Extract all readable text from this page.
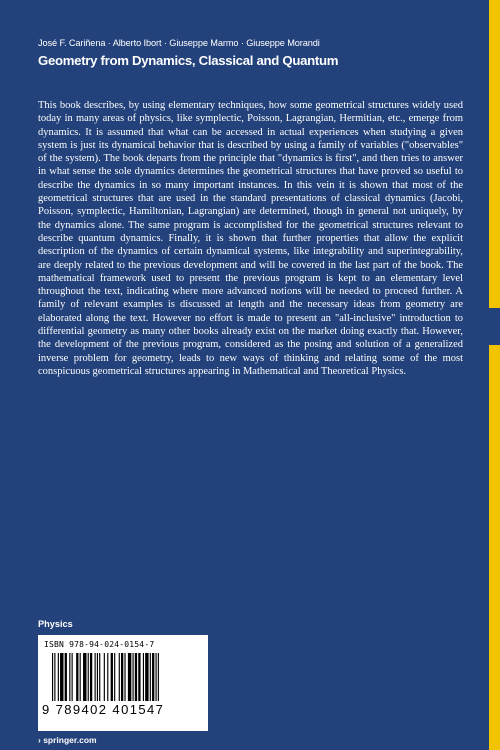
José F. Cariñena · Alberto Ibort · Giuseppe Marmo · Giuseppe Morandi
Geometry from Dynamics, Classical and Quantum

This book describes, by using elementary techniques, how some geometrical structures widely used today in many areas of physics, like symplectic, Poisson, Lagrangian, Hermitian, etc., emerge from dynamics. It is assumed that what can be accessed in actual experiences when studying a given system is just its dynamical behavior that is described by using a family of variables ("observables" of the system). The book departs from the principle that "dynamics is first", and then tries to answer in what sense the sole dynamics determines the geometrical structures that have proved so useful to describe the dynamics in so many important instances. In this vein it is shown that most of the geometrical structures that are used in the standard presentations of classical dynamics (Jacobi, Poisson, symplectic, Hamiltonian, Lagrangian) are determined, though in general not uniquely, by the dynamics alone. The same program is accomplished for the geometrical structures relevant to describe quantum dynamics. Finally, it is shown that further properties that allow the explicit description of the dynamics of certain dynamical systems, like integrability and superintegrability, are deeply related to the previous development and will be covered in the last part of the book. The mathematical framework used to present the previous program is kept to an elementary level throughout the text, indicating where more advanced notions will be needed to proceed further. A family of relevant examples is discussed at length and the necessary ideas from geometry are elaborated along the text. However no effort is made to present an "all-inclusive" introduction to differential geometry as many other books already exist on the market doing exactly that. However, the development of the previous program, considered as the posing and solution of a generalized inverse problem for geometry, leads to new ways of thinking and relating some of the most conspicuous geometrical structures appearing in Mathematical and Theoretical Physics.

Physics
ISBN 978-94-024-0154-7
9 789402 401547
› springer.com
